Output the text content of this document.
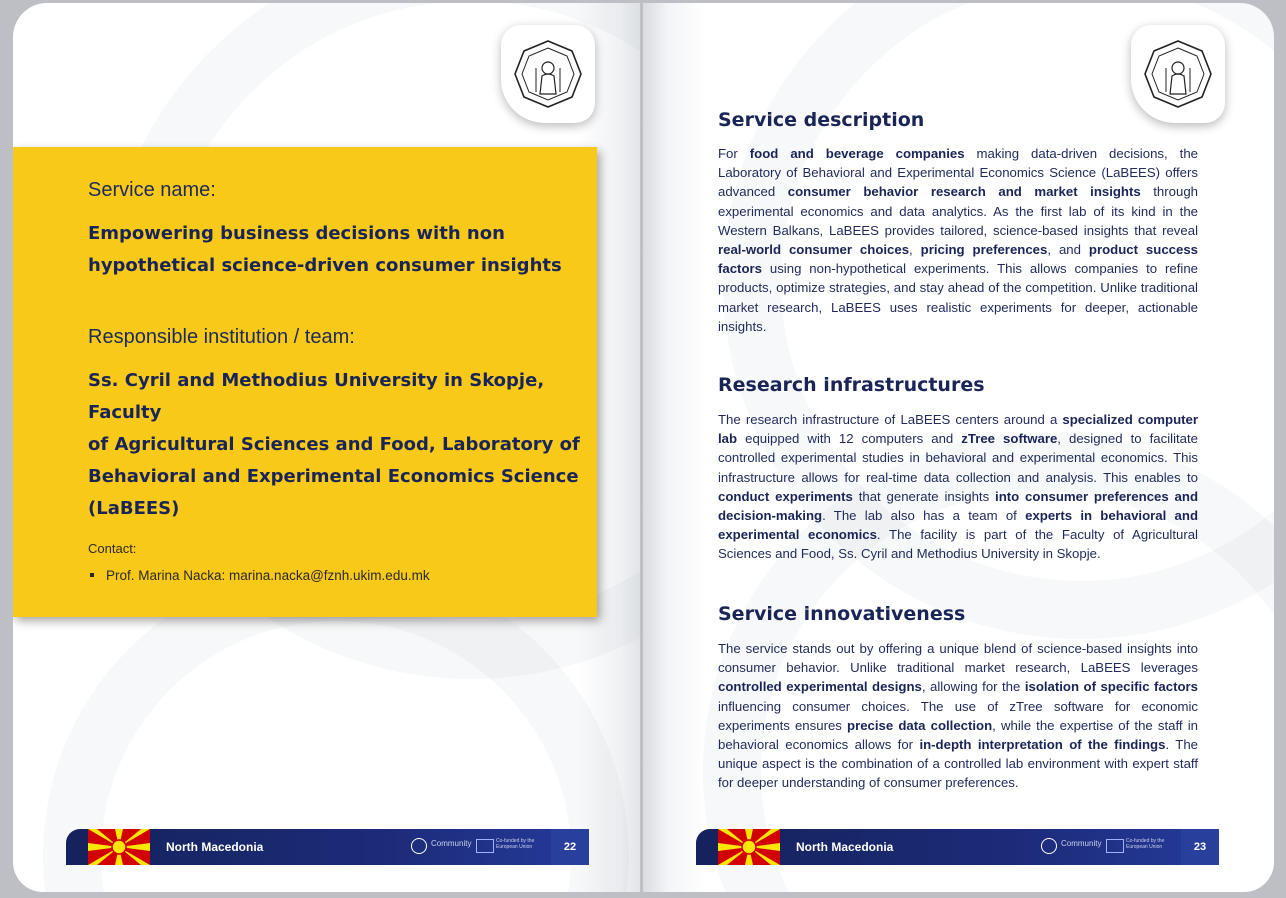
Service name:
Empowering business decisions with non
hypothetical science-driven consumer insights
Responsible institution / team:
Ss. Cyril and Methodius University in Skopje, Faculty
of Agricultural Sciences and Food, Laboratory of
Behavioral and Experimental Economics Science
(LaBEES)
Contact:
Prof. Marina Nacka: marina.nacka@fznh.ukim.edu.mk
North Macedonia	Community	Co-funded by the
European Union	22
Service description

For food and beverage companies making data-driven decisions, the Laboratory of Behavioral and Experimental Economics Science (LaBEES) offers advanced consumer behavior research and market insights through experimental economics and data analytics. As the first lab of its kind in the Western Balkans, LaBEES provides tailored, science-based insights that reveal real-world consumer choices, pricing preferences, and product success factors using non-hypothetical experiments. This allows companies to refine products, optimize strategies, and stay ahead of the competition. Unlike traditional market research, LaBEES uses realistic experiments for deeper, actionable insights.

Research infrastructures

The research infrastructure of LaBEES centers around a specialized computer lab equipped with 12 computers and zTree software, designed to facilitate controlled experimental studies in behavioral and experimental economics. This infrastructure allows for real-time data collection and analysis. This enables to conduct experiments that generate insights into consumer preferences and decision-making. The lab also has a team of experts in behavioral and experimental economics. The facility is part of the Faculty of Agricultural Sciences and Food, Ss. Cyril and Methodius University in Skopje.

Service innovativeness

The service stands out by offering a unique blend of science-based insights into consumer behavior. Unlike traditional market research, LaBEES leverages controlled experimental designs, allowing for the isolation of specific factors influencing consumer choices. The use of zTree software for economic experiments ensures precise data collection, while the expertise of the staff in behavioral economics allows for in-depth interpretation of the findings. The unique aspect is the combination of a controlled lab environment with expert staff for deeper understanding of consumer preferences.

North Macedonia	Community	Co-funded by the
European Union	23
